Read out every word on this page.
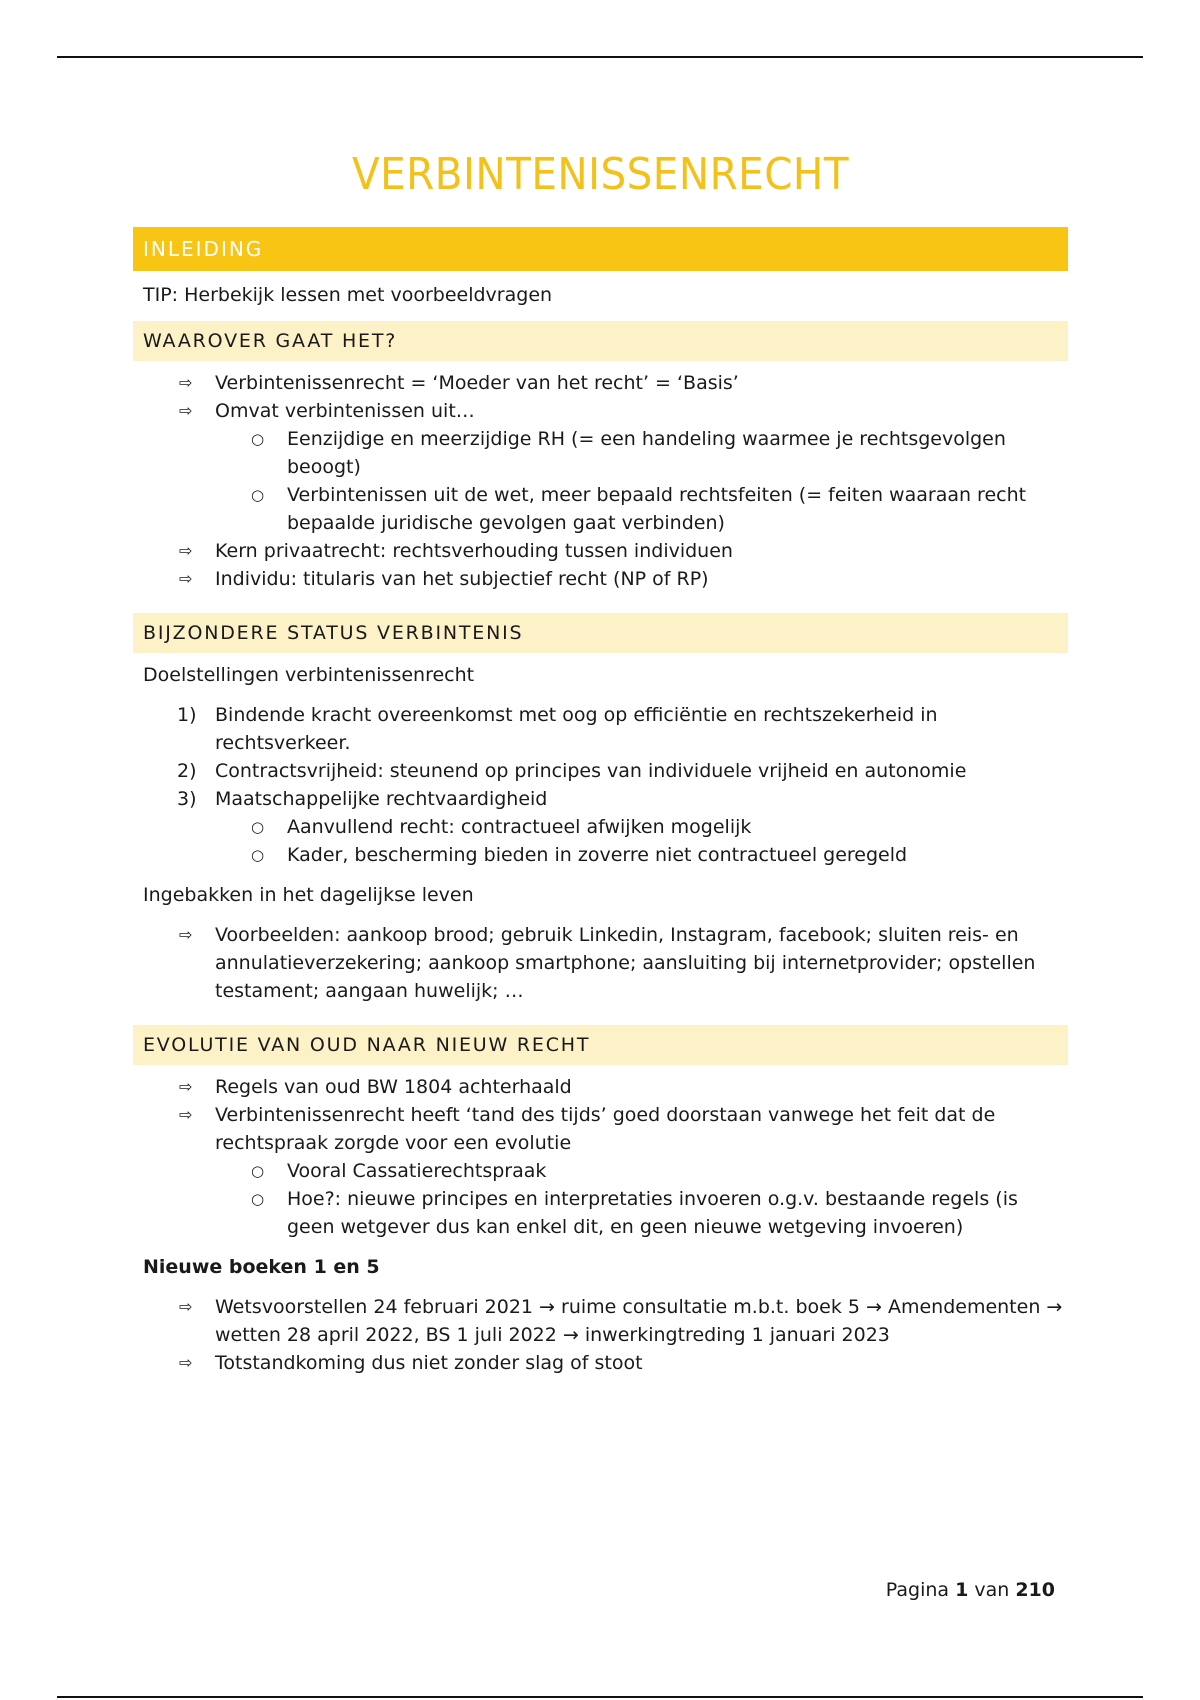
VERBINTENISSENRECHT
INLEIDING
TIP: Herbekijk lessen met voorbeeldvragen
WAAROVER GAAT HET?
⇨ Verbintenissenrecht = ‘Moeder van het recht’ = ‘Basis’
⇨ Omvat verbintenissen uit…
○ Eenzijdige en meerzijdige RH (= een handeling waarmee je rechtsgevolgen beoogt)
○ Verbintenissen uit de wet, meer bepaald rechtsfeiten (= feiten waaraan recht bepaalde juridische gevolgen gaat verbinden)
⇨ Kern privaatrecht: rechtsverhouding tussen individuen
⇨ Individu: titularis van het subjectief recht (NP of RP)
BIJZONDERE STATUS VERBINTENIS
Doelstellingen verbintenissenrecht
1) Bindende kracht overeenkomst met oog op efficiëntie en rechtszekerheid in rechtsverkeer.
2) Contractsvrijheid: steunend op principes van individuele vrijheid en autonomie
3) Maatschappelijke rechtvaardigheid
○ Aanvullend recht: contractueel afwijken mogelijk
○ Kader, bescherming bieden in zoverre niet contractueel geregeld
Ingebakken in het dagelijkse leven
⇨ Voorbeelden: aankoop brood; gebruik Linkedin, Instagram, facebook; sluiten reis- en annulatieverzekering; aankoop smartphone; aansluiting bij internetprovider; opstellen testament; aangaan huwelijk; …
EVOLUTIE VAN OUD NAAR NIEUW RECHT
⇨ Regels van oud BW 1804 achterhaald
⇨ Verbintenissenrecht heeft ‘tand des tijds’ goed doorstaan vanwege het feit dat de rechtspraak zorgde voor een evolutie
○ Vooral Cassatierechtspraak
○ Hoe?: nieuwe principes en interpretaties invoeren o.g.v. bestaande regels (is geen wetgever dus kan enkel dit, en geen nieuwe wetgeving invoeren)
Nieuwe boeken 1 en 5
⇨ Wetsvoorstellen 24 februari 2021 → ruime consultatie m.b.t. boek 5 → Amendementen → wetten 28 april 2022, BS 1 juli 2022 → inwerkingtreding 1 januari 2023
⇨ Totstandkoming dus niet zonder slag of stoot
Pagina 1 van 210
